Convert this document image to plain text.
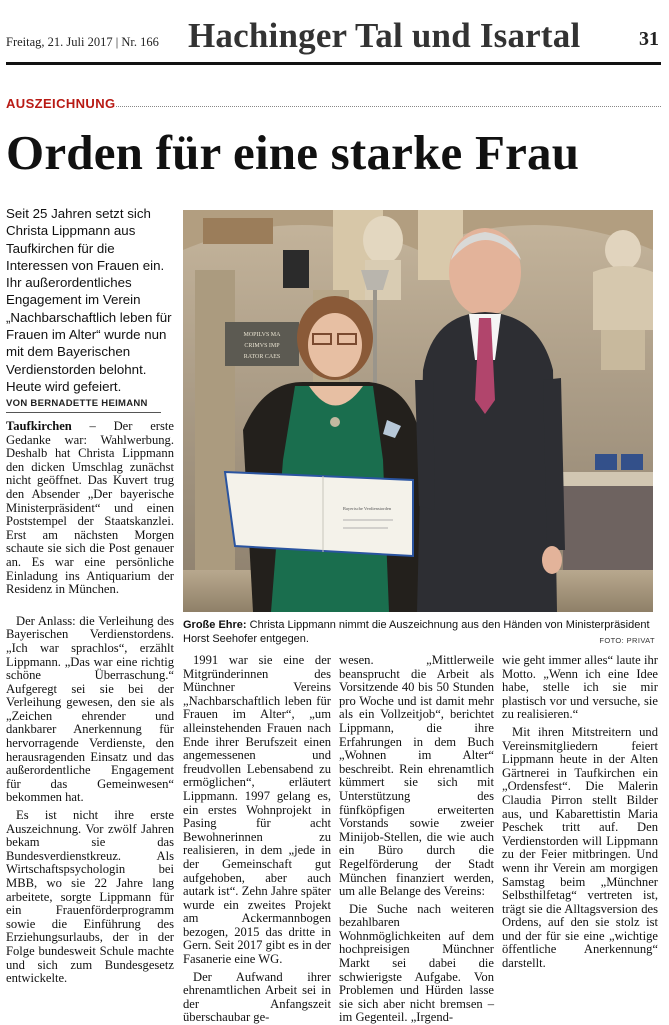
Freitag, 21. Juli 2017 | Nr. 166 Hachinger Tal und Isartal	31
AUSZEICHNUNG
Orden für eine starke Frau
Seit 25 Jahren setzt sich Christa Lippmann aus Taufkirchen für die Interessen von Frauen ein. Ihr außerordentliches Engagement im Verein „Nachbarschaftlich leben für Frauen im Alter“ wurde nun mit dem Bayerischen Verdienstorden belohnt. Heute wird gefeiert.
VON BERNADETTE HEIMANN

Taufkirchen – Der erste Gedanke war: Wahlwerbung. Deshalb hat Christa Lippmann den dicken Umschlag zunächst nicht geöffnet. Das Kuvert trug den Absender „Der bayerische Ministerpräsident“ und einen Poststempel der Staatskanzlei. Erst am nächsten Morgen schaute sie sich die Post genauer an. Es war eine persönliche Einladung ins Antiquarium der Residenz in München.

Der Anlass: die Verleihung des Bayerischen Verdienstordens. „Ich war sprachlos“, erzählt Lippmann. „Das war eine richtig schöne Überraschung.“ Aufgeregt sei sie bei der Verleihung gewesen, den sie als „Zeichen ehrender und dankbarer Anerkennung für hervorragende Verdienste, den herausragenden Einsatz und das außerordentliche Engagement für das Gemeinwesen“ bekommen hat.

Es ist nicht ihre erste Auszeichnung. Vor zwölf Jahren bekam sie das Bundesverdienstkreuz. Als Wirtschaftspsychologin bei MBB, wo sie 22 Jahre lang arbeitete, sorgte Lippmann für ein Frauenförderprogramm sowie die Einführung des Erziehungsurlaubs, der in der Folge bundesweit Schule machte und sich zum Bundesgesetz entwickelte.

MOPILVS MA
CRIMVS IMP
RATOR CAES
Bayerische Verdienstorden
Große Ehre: Christa Lippmann nimmt die Auszeichnung aus den Händen von Ministerpräsident Horst Seehofer entgegen.	FOTO: PRIVAT

1991 war sie eine der Mitgründerinnen des Münchner Vereins „Nachbarschaftlich leben für Frauen im Alter“, „um alleinstehenden Frauen nach Ende ihrer Berufszeit einen angemessenen und freudvollen Lebensabend zu ermöglichen“, erläutert Lippmann. 1997 gelang es, ein erstes Wohnprojekt in Pasing für acht Bewohnerinnen zu realisieren, in dem „jede in der Gemeinschaft gut aufgehoben, aber auch autark ist“. Zehn Jahre später wurde ein zweites Projekt am Ackermannbogen bezogen, 2015 das dritte in Gern. Seit 2017 gibt es in der Fasanerie eine WG.

Der Aufwand ihrer ehrenamtlichen Arbeit sei in der Anfangszeit überschaubar ge-

wesen. „Mittlerweile beansprucht die Arbeit als Vorsitzende 40 bis 50 Stunden pro Woche und ist damit mehr als ein Vollzeitjob“, berichtet Lippmann, die ihre Erfahrungen in dem Buch „Wohnen im Alter“ beschreibt. Rein ehrenamtlich kümmert sie sich mit Unterstützung des fünfköpfigen erweiterten Vorstands sowie zweier Minijob-Stellen, die wie auch ein Büro durch die Regelförderung der Stadt München finanziert werden, um alle Belange des Vereins:

Die Suche nach weiteren bezahlbaren Wohnmöglichkeiten auf dem hochpreisigen Münchner Markt sei dabei die schwierigste Aufgabe. Von Problemen und Hürden lasse sie sich aber nicht bremsen – im Gegenteil. „Irgend-

wie geht immer alles“ laute ihr Motto. „Wenn ich eine Idee habe, stelle ich sie mir plastisch vor und versuche, sie zu realisieren.“

Mit ihren Mitstreitern und Vereinsmitgliedern feiert Lippmann heute in der Alten Gärtnerei in Taufkirchen ein „Ordensfest“. Die Malerin Claudia Pirron stellt Bilder aus, und Kabarettistin Maria Peschek tritt auf. Den Verdienstorden will Lippmann zu der Feier mitbringen. Und wenn ihr Verein am morgigen Samstag beim „Münchner Selbsthilfetag“ vertreten ist, trägt sie die Alltagsversion des Ordens, auf den sie stolz ist und der für sie eine „wichtige öffentliche Anerkennung“ darstellt.
